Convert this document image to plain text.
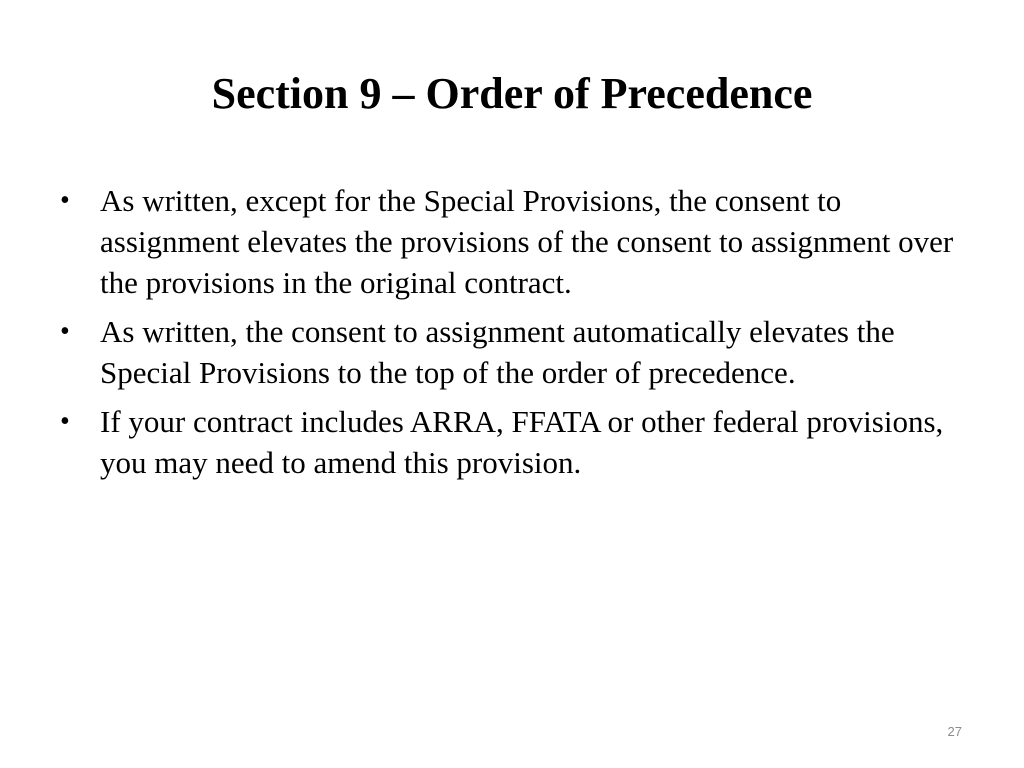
Section 9 – Order of Precedence
• As written, except for the Special Provisions, the consent to assignment elevates the provisions of the consent to assignment over the provisions in the original contract.
• As written, the consent to assignment automatically elevates the Special Provisions to the top of the order of precedence.
• If your contract includes ARRA, FFATA or other federal provisions, you may need to amend this provision.
27
